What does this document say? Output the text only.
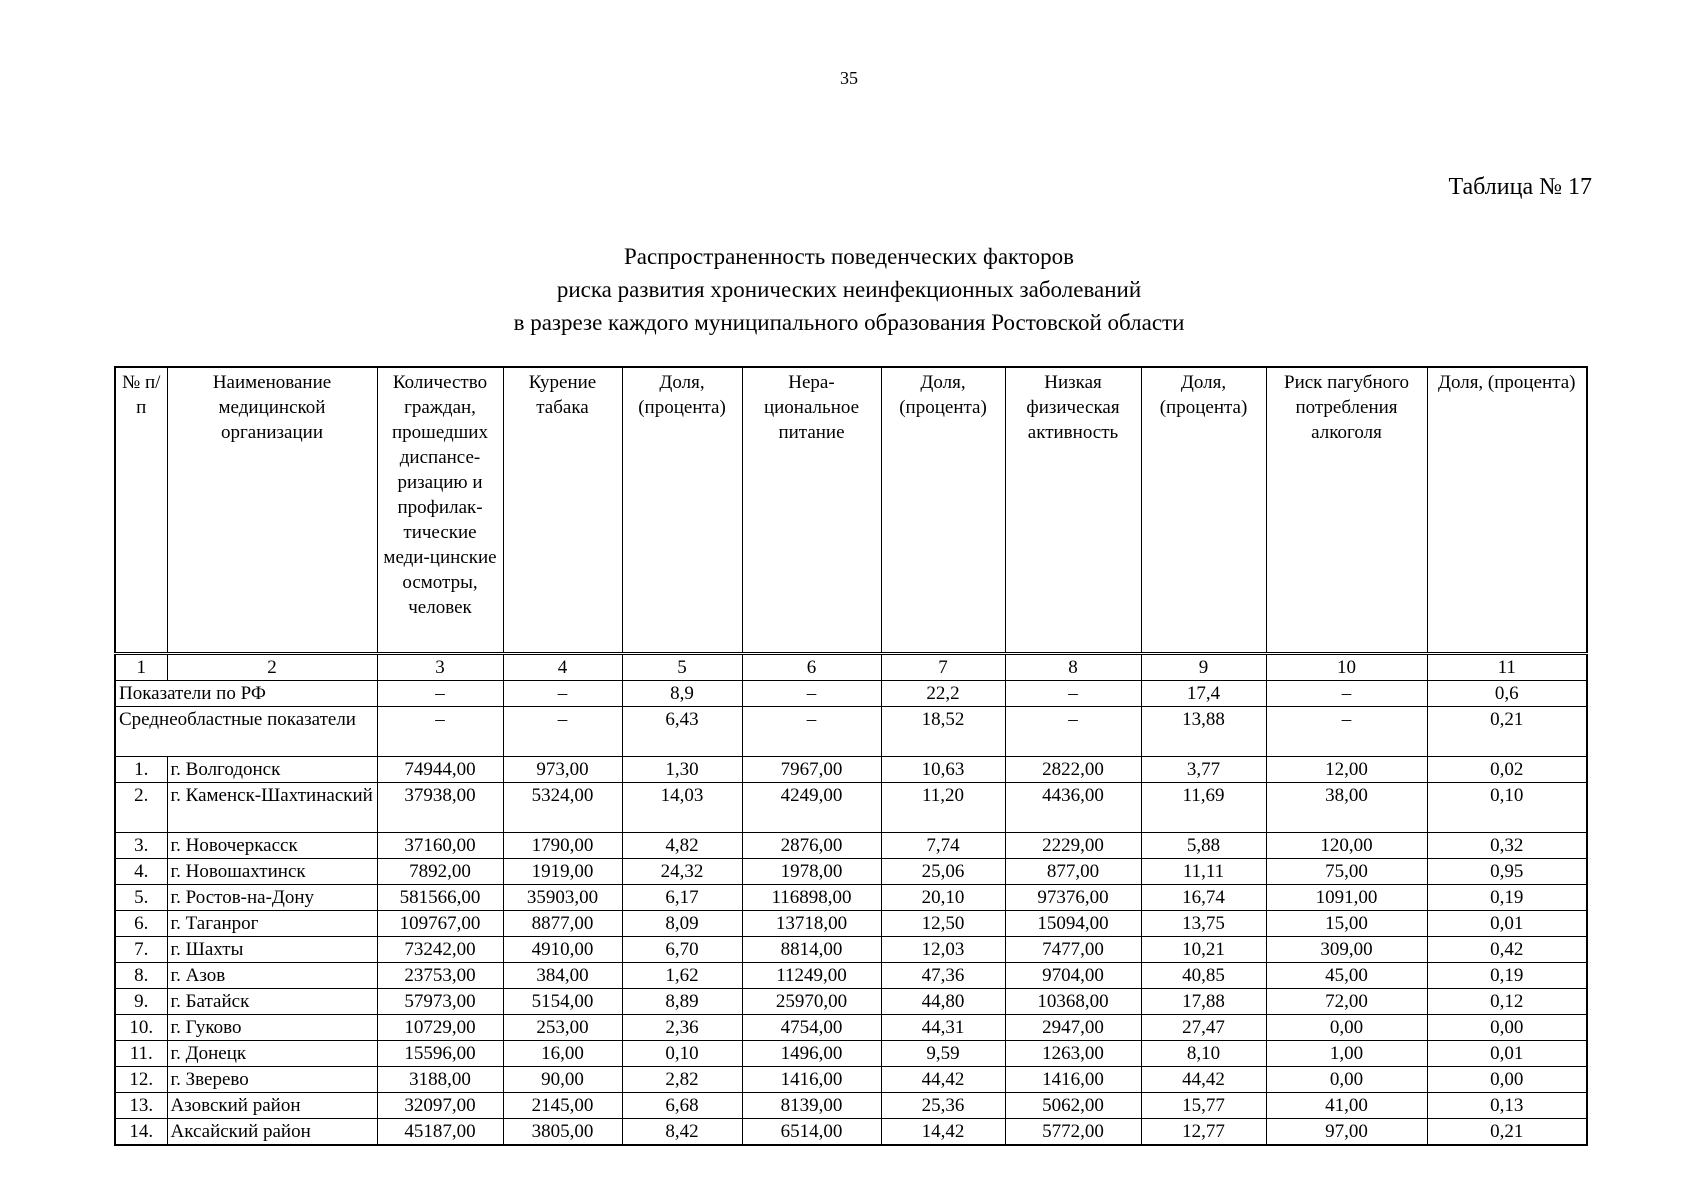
35
Таблица № 17
Распространенность поведенческих факторов
риска развития хронических неинфекционных заболеваний
в разрезе каждого муниципального образования Ростовской области
№ п/п	Наименование медицинской организации	Количество граждан, прошедших диспансе-ризацию и профилак-тические меди-цинские осмотры, человек	Курение табака	Доля, (процента)	Нера-циональное питание	Доля, (процента)	Низкая физическая активность	Доля, (процента)	Риск пагубного потребления алкоголя	Доля, (процента)
1	2	3	4	5	6	7	8	9	10	11
Показатели по РФ		–	–	8,9	–	22,2	–	17,4	–	0,6
Среднеобластные показатели		–	–	6,43	–	18,52	–	13,88	–	0,21
1.	г. Волгодонск	74944,00	973,00	1,30	7967,00	10,63	2822,00	3,77	12,00	0,02
2.	г. Каменск-Шахтинаский	37938,00	5324,00	14,03	4249,00	11,20	4436,00	11,69	38,00	0,10
3.	г. Новочеркасск	37160,00	1790,00	4,82	2876,00	7,74	2229,00	5,88	120,00	0,32
4.	г. Новошахтинск	7892,00	1919,00	24,32	1978,00	25,06	877,00	11,11	75,00	0,95
5.	г. Ростов-на-Дону	581566,00	35903,00	6,17	116898,00	20,10	97376,00	16,74	1091,00	0,19
6.	г. Таганрог	109767,00	8877,00	8,09	13718,00	12,50	15094,00	13,75	15,00	0,01
7.	г. Шахты	73242,00	4910,00	6,70	8814,00	12,03	7477,00	10,21	309,00	0,42
8.	г. Азов	23753,00	384,00	1,62	11249,00	47,36	9704,00	40,85	45,00	0,19
9.	г. Батайск	57973,00	5154,00	8,89	25970,00	44,80	10368,00	17,88	72,00	0,12
10.	г. Гуково	10729,00	253,00	2,36	4754,00	44,31	2947,00	27,47	0,00	0,00
11.	г. Донецк	15596,00	16,00	0,10	1496,00	9,59	1263,00	8,10	1,00	0,01
12.	г. Зверево	3188,00	90,00	2,82	1416,00	44,42	1416,00	44,42	0,00	0,00
13.	Азовский район	32097,00	2145,00	6,68	8139,00	25,36	5062,00	15,77	41,00	0,13
14.	Аксайский район	45187,00	3805,00	8,42	6514,00	14,42	5772,00	12,77	97,00	0,21
